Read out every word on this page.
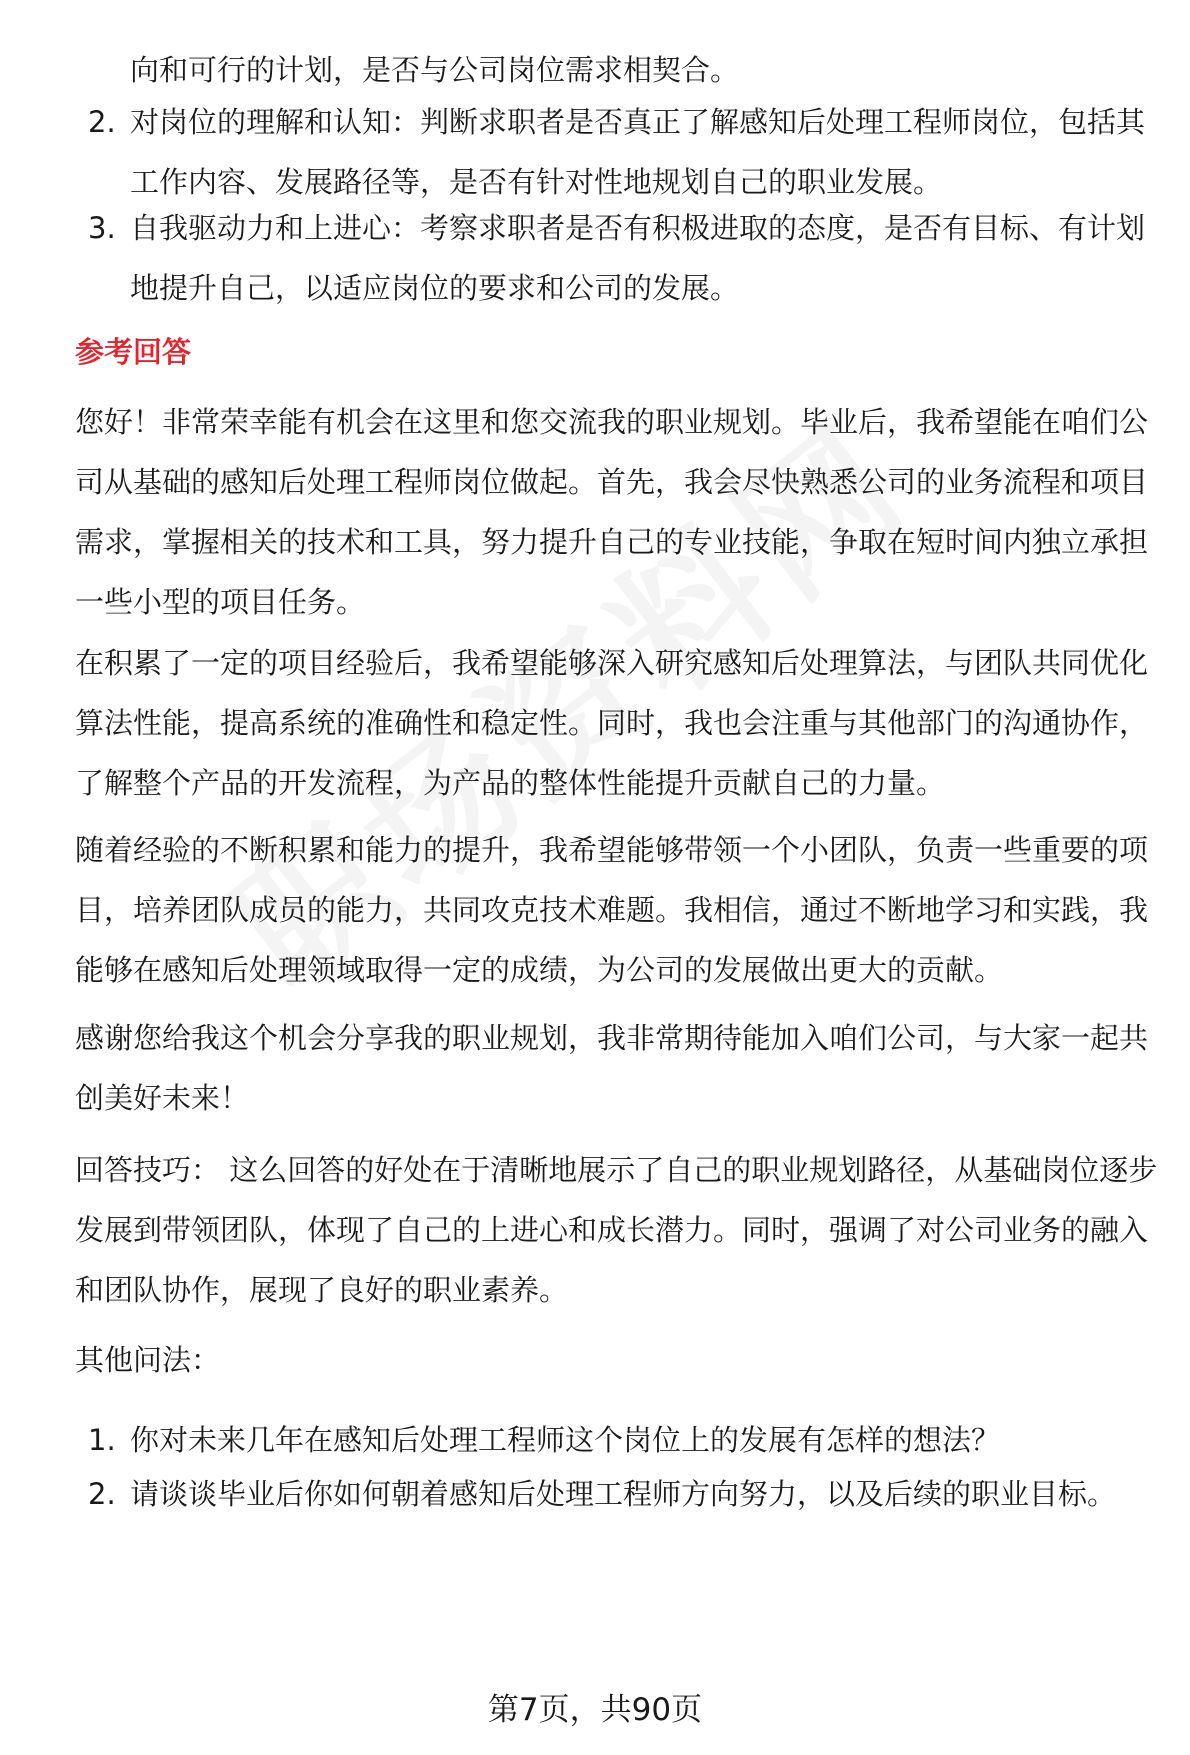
向和可行的计划，是否与公司岗位需求相契合。
2. 对岗位的理解和认知：判断求职者是否真正了解感知后处理工程师岗位，包括其工作内容、发展路径等，是否有针对性地规划自己的职业发展。
3. 自我驱动力和上进心：考察求职者是否有积极进取的态度，是否有目标、有计划地提升自己，以适应岗位的要求和公司的发展。
参考回答
您好！非常荣幸能有机会在这里和您交流我的职业规划。毕业后，我希望能在咱们公司从基础的感知后处理工程师岗位做起。首先，我会尽快熟悉公司的业务流程和项目需求，掌握相关的技术和工具，努力提升自己的专业技能，争取在短时间内独立承担一些小型的项目任务。
在积累了一定的项目经验后，我希望能够深入研究感知后处理算法，与团队共同优化算法性能，提高系统的准确性和稳定性。同时，我也会注重与其他部门的沟通协作，了解整个产品的开发流程，为产品的整体性能提升贡献自己的力量。
随着经验的不断积累和能力的提升，我希望能够带领一个小团队，负责一些重要的项目，培养团队成员的能力，共同攻克技术难题。我相信，通过不断地学习和实践，我能够在感知后处理领域取得一定的成绩，为公司的发展做出更大的贡献。
感谢您给我这个机会分享我的职业规划，我非常期待能加入咱们公司，与大家一起共创美好未来！
回答技巧： 这么回答的好处在于清晰地展示了自己的职业规划路径，从基础岗位逐步发展到带领团队，体现了自己的上进心和成长潜力。同时，强调了对公司业务的融入和团队协作，展现了良好的职业素养。
其他问法：
1. 你对未来几年在感知后处理工程师这个岗位上的发展有怎样的想法？
2. 请谈谈毕业后你如何朝着感知后处理工程师方向努力，以及后续的职业目标。
第7页，共90页
